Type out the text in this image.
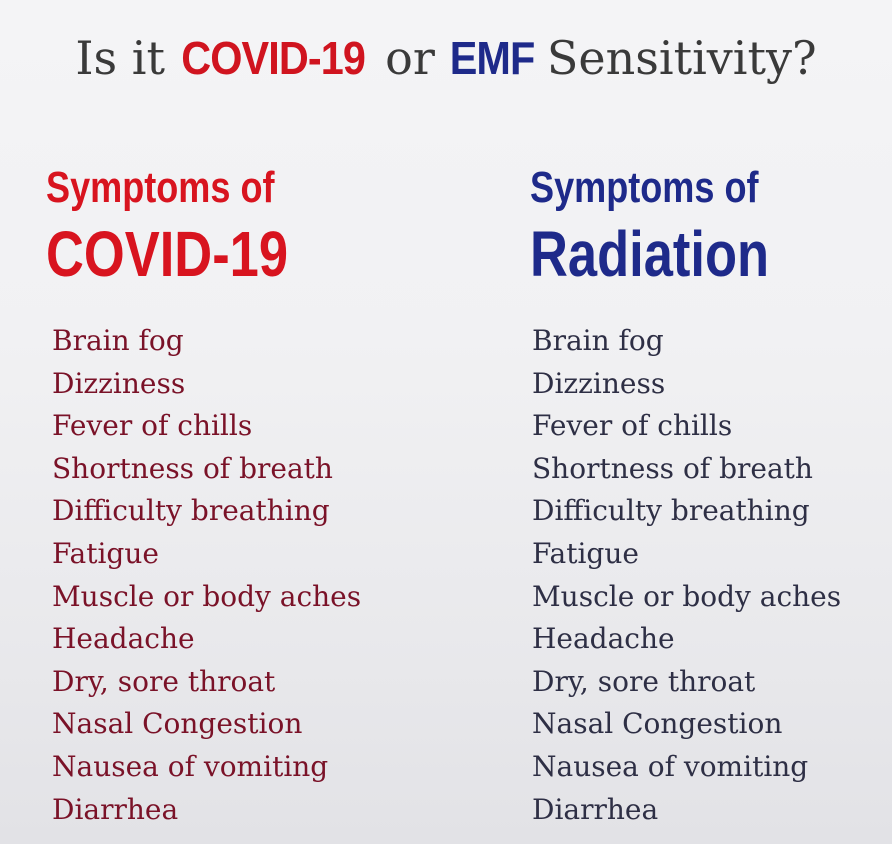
Is it COVID-19 or EMF Sensitivity?
Symptoms of
COVID-19
Brain fog
Dizziness
Fever of chills
Shortness of breath
Difficulty breathing
Fatigue
Muscle or body aches
Headache
Dry, sore throat
Nasal Congestion
Nausea of vomiting
Diarrhea
Symptoms of
Radiation
Brain fog
Dizziness
Fever of chills
Shortness of breath
Difficulty breathing
Fatigue
Muscle or body aches
Headache
Dry, sore throat
Nasal Congestion
Nausea of vomiting
Diarrhea
